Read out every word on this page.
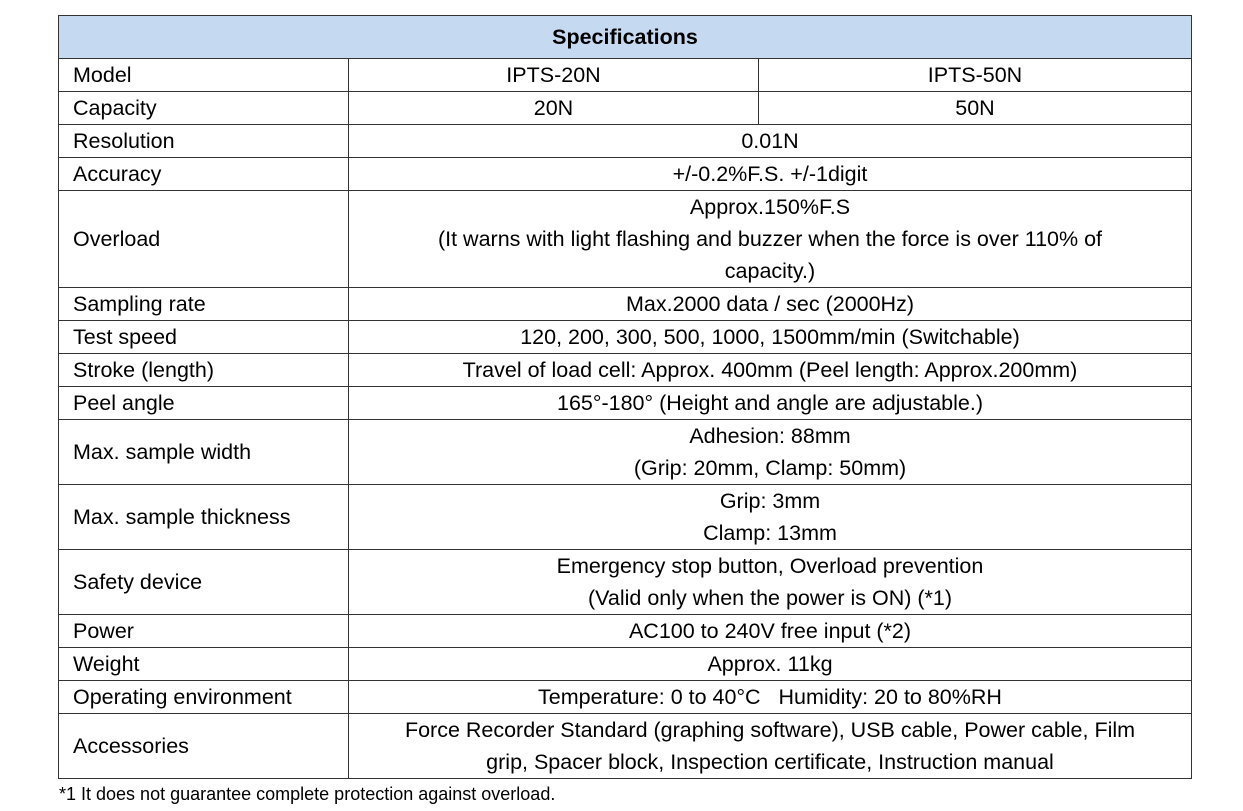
Specifications		
Model	IPTS-20N	IPTS-50N
Capacity	20N	50N
Resolution	0.01N	

Accuracy	+/-0.2%F.S. +/-1digit	

Overload	Approx.150%F.S
(It warns with light flashing and buzzer when the force is over 110% of
capacity.)	

Sampling rate	Max.2000 data / sec (2000Hz)	

Test speed	120, 200, 300, 500, 1000, 1500mm/min (Switchable)	

Stroke (length)	Travel of load cell: Approx. 400mm (Peel length: Approx.200mm)	

Peel angle	165°-180° (Height and angle are adjustable.)	

Max. sample width	Adhesion: 88mm
(Grip: 20mm, Clamp: 50mm)	

Max. sample thickness	Grip: 3mm
Clamp: 13mm	

Safety device	Emergency stop button, Overload prevention
(Valid only when the power is ON) (*1)	

Power	AC100 to 240V free input (*2)	

Weight	Approx. 11kg	

Operating environment	Temperature: 0 to 40°C   Humidity: 20 to 80%RH	

Accessories	Force Recorder Standard (graphing software), USB cable, Power cable, Film
grip, Spacer block, Inspection certificate, Instruction manual	
*1 It does not guarantee complete protection against overload.
